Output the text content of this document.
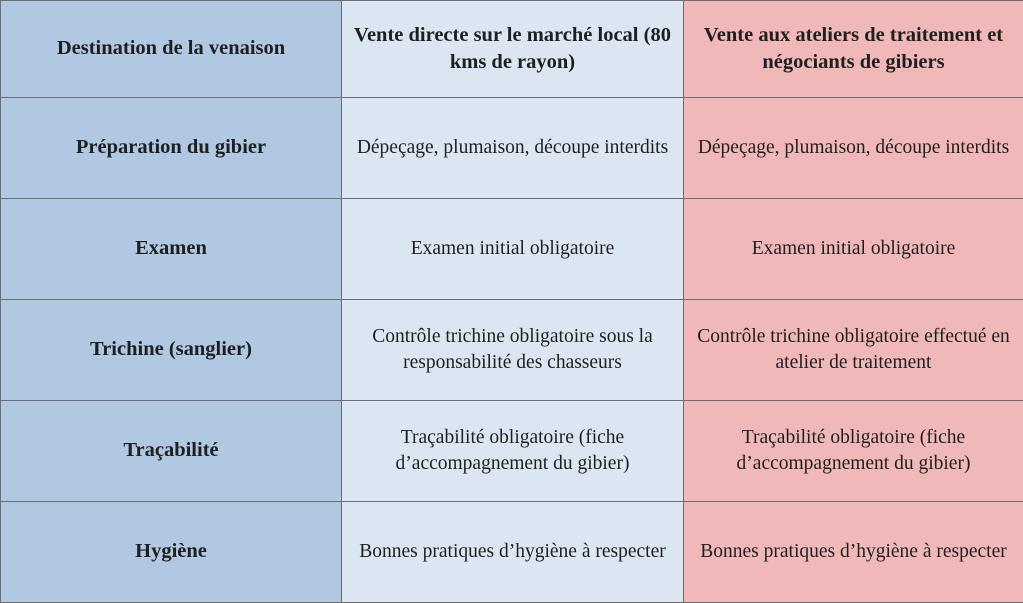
Destination de la venaison	Vente directe sur le marché local (80 kms de rayon)	Vente aux ateliers de traitement et négociants de gibiers
Préparation du gibier	Dépeçage, plumaison, découpe interdits	Dépeçage, plumaison, découpe interdits
Examen	Examen initial obligatoire	Examen initial obligatoire
Trichine (sanglier)	Contrôle trichine obligatoire sous la responsabilité des chasseurs	Contrôle trichine obligatoire effectué en atelier de traitement
Traçabilité	Traçabilité obligatoire (fiche d’accompagnement du gibier)	Traçabilité obligatoire (fiche d’accompagnement du gibier)
Hygiène	Bonnes pratiques d’hygiène à respecter	Bonnes pratiques d’hygiène à respecter
